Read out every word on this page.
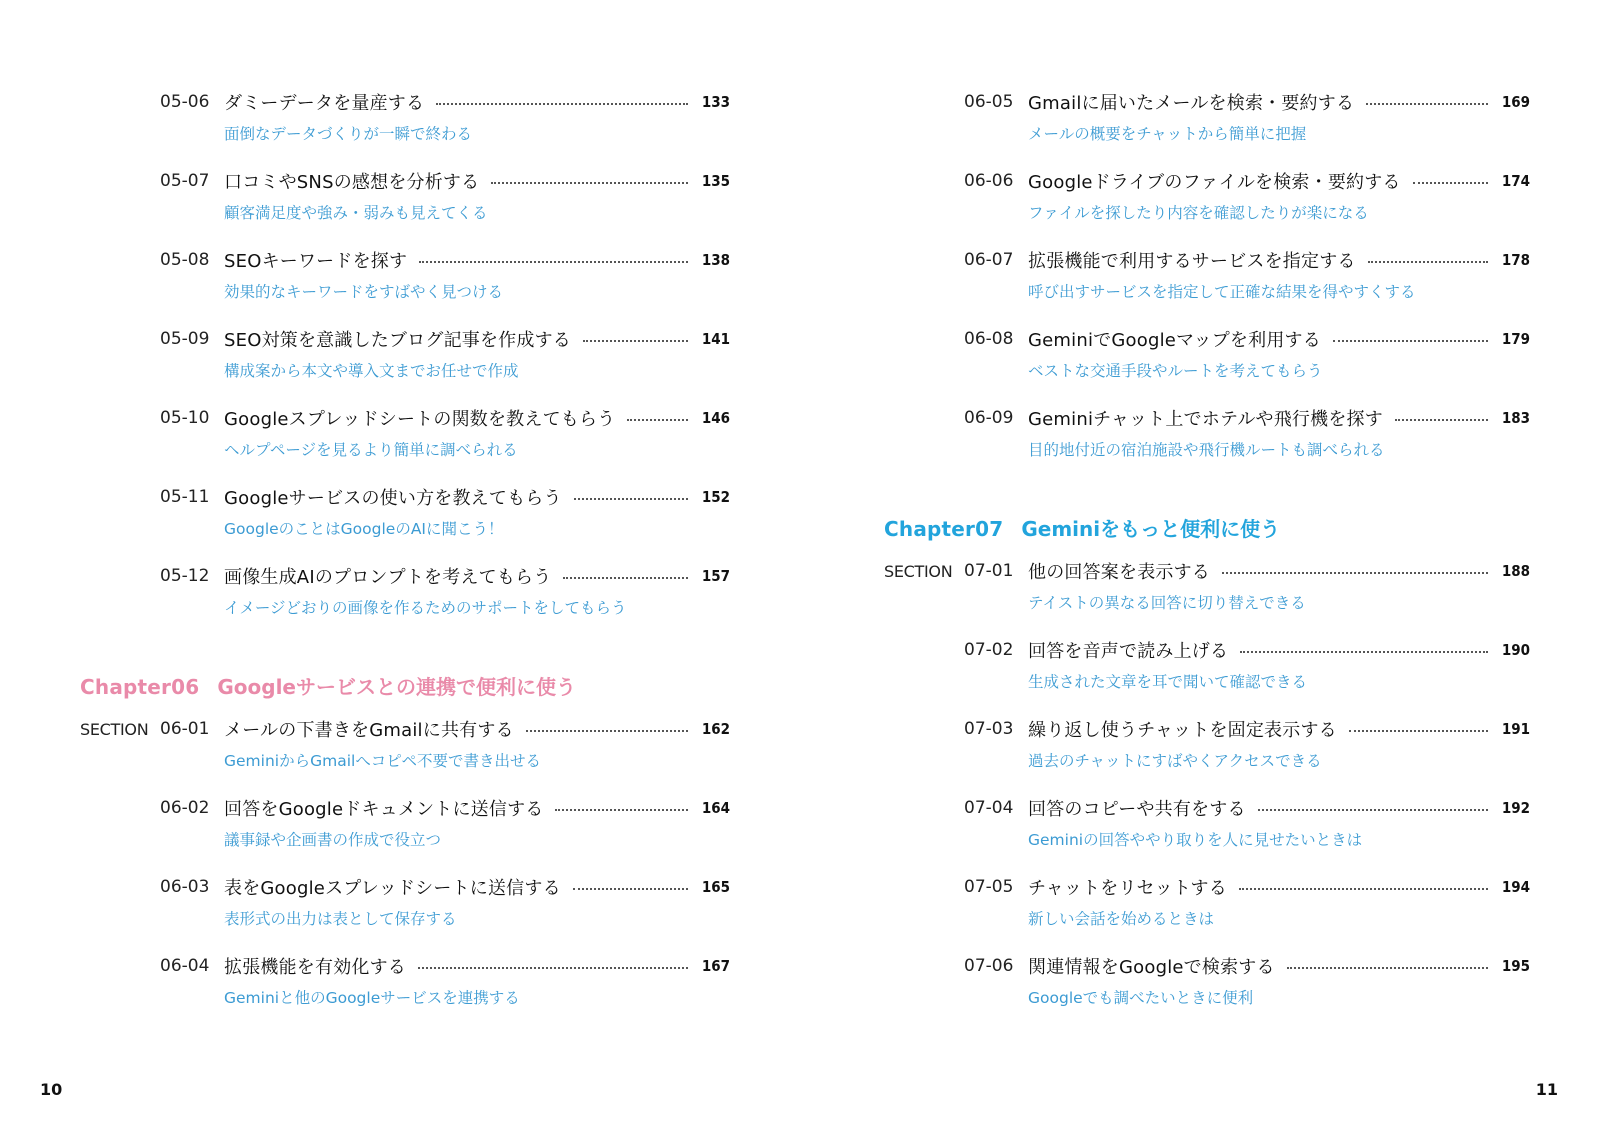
05-06 ダミーデータを量産する	133
面倒なデータづくりが一瞬で終わる
05-07 口コミやSNSの感想を分析する	135
顧客満足度や強み・弱みも見えてくる
05-08 SEOキーワードを探す	138
効果的なキーワードをすばやく見つける
05-09 SEO対策を意識したブログ記事を作成する	141
構成案から本文や導入文までお任せで作成
05-10 Googleスプレッドシートの関数を教えてもらう	146
ヘルプページを見るより簡単に調べられる
05-11 Googleサービスの使い方を教えてもらう	152
GoogleのことはGoogleのAIに聞こう！
05-12 画像生成AIのプロンプトを考えてもらう	157
イメージどおりの画像を作るためのサポートをしてもらう
Chapter06 Googleサービスとの連携で便利に使う
SECTION 06-01 メールの下書きをGmailに共有する	162
GeminiからGmailへコピペ不要で書き出せる
06-02 回答をGoogleドキュメントに送信する	164
議事録や企画書の作成で役立つ
06-03 表をGoogleスプレッドシートに送信する	165
表形式の出力は表として保存する
06-04 拡張機能を有効化する	167
Geminiと他のGoogleサービスを連携する
10
06-05 Gmailに届いたメールを検索・要約する	169
メールの概要をチャットから簡単に把握
06-06 Googleドライブのファイルを検索・要約する	174
ファイルを探したり内容を確認したりが楽になる
06-07 拡張機能で利用するサービスを指定する	178
呼び出すサービスを指定して正確な結果を得やすくする
06-08 GeminiでGoogleマップを利用する	179
ベストな交通手段やルートを考えてもらう
06-09 Geminiチャット上でホテルや飛行機を探す	183
目的地付近の宿泊施設や飛行機ルートも調べられる
Chapter07 Geminiをもっと便利に使う
SECTION 07-01 他の回答案を表示する	188
テイストの異なる回答に切り替えできる
07-02 回答を音声で読み上げる	190
生成された文章を耳で聞いて確認できる
07-03 繰り返し使うチャットを固定表示する	191
過去のチャットにすばやくアクセスできる
07-04 回答のコピーや共有をする	192
Geminiの回答ややり取りを人に見せたいときは
07-05 チャットをリセットする	194
新しい会話を始めるときは
07-06 関連情報をGoogleで検索する	195
Googleでも調べたいときに便利
11
